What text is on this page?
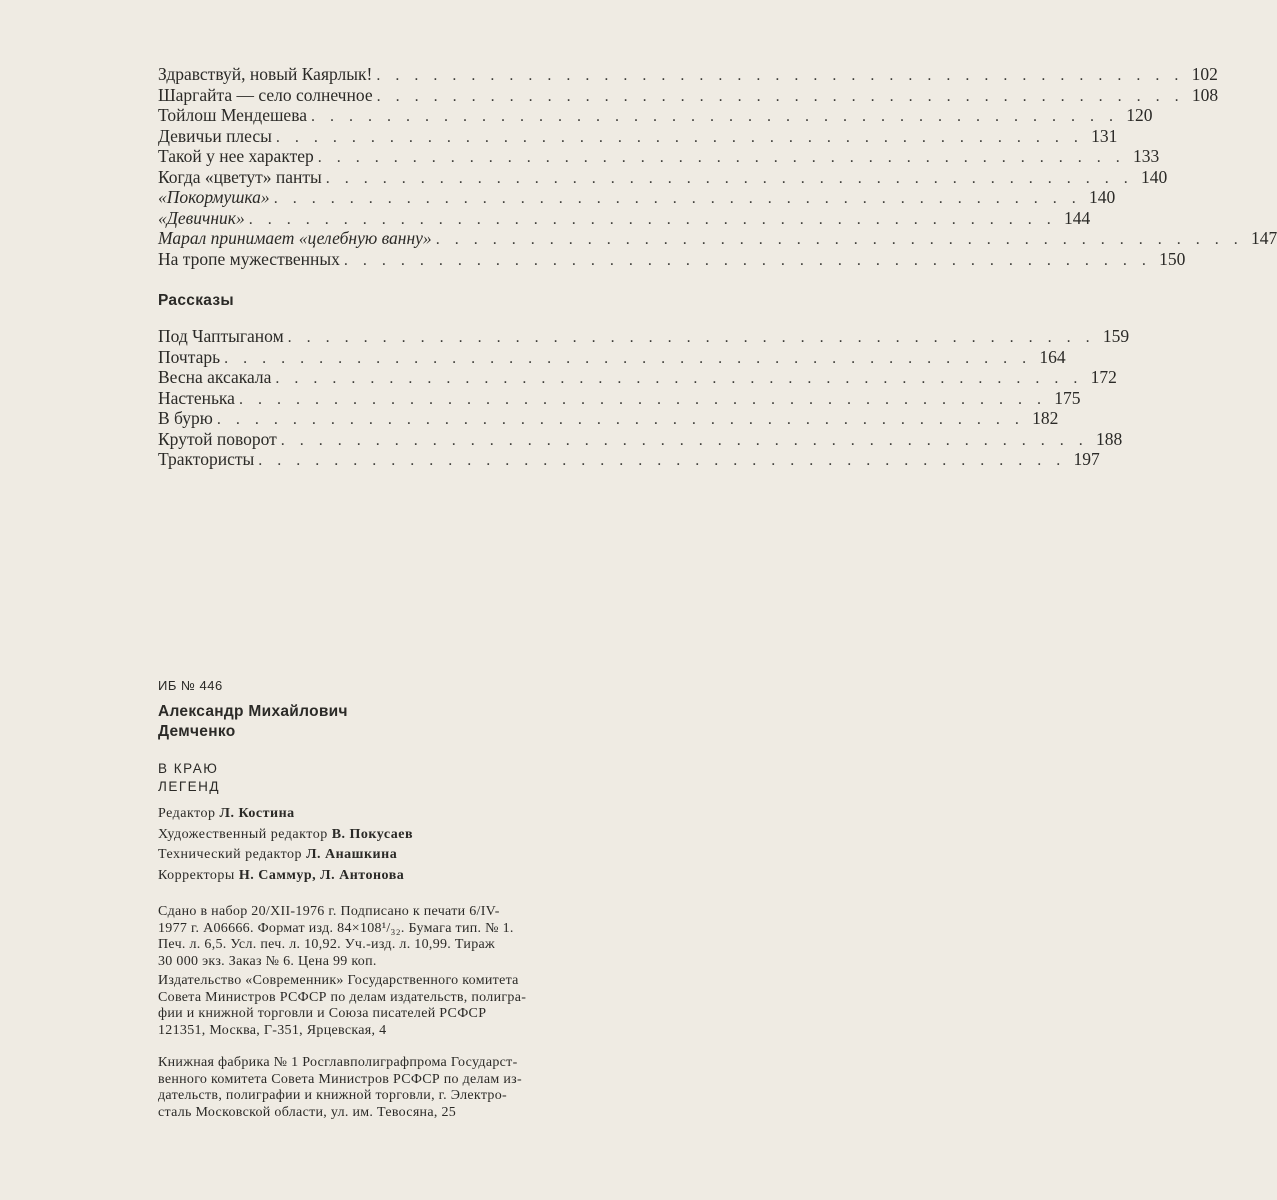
Здравствуй, новый Каярлык! . . . . . . . . . . . . . . . . . . . . . . . . . . . . . . . . . . . . . . . . . . . 102
Шаргайта — село солнечное . . . . . . . . . . . . . . . . . . . . . . . . . . . . . . . . . . . . . . . . . . . 108
Тойлош Мендешева . . . . . . . . . . . . . . . . . . . . . . . . . . . . . . . . . . . . . . . . . . . 120
Девичьи плесы . . . . . . . . . . . . . . . . . . . . . . . . . . . . . . . . . . . . . . . . . . . 131
Такой у нее характер . . . . . . . . . . . . . . . . . . . . . . . . . . . . . . . . . . . . . . . . . . . 133
Когда «цветут» панты . . . . . . . . . . . . . . . . . . . . . . . . . . . . . . . . . . . . . . . . . . . 140
«Покормушка» . . . . . . . . . . . . . . . . . . . . . . . . . . . . . . . . . . . . . . . . . . . 140
«Девичник» . . . . . . . . . . . . . . . . . . . . . . . . . . . . . . . . . . . . . . . . . . . 144
Марал принимает «целебную ванну» . . . . . . . . . . . . . . . . . . . . . . . . . . . . . . . . . . . . . . . . . . . 147
На тропе мужественных . . . . . . . . . . . . . . . . . . . . . . . . . . . . . . . . . . . . . . . . . . . 150
Рассказы
Под Чаптыганом . . . . . . . . . . . . . . . . . . . . . . . . . . . . . . . . . . . . . . . . . . . 159
Почтарь . . . . . . . . . . . . . . . . . . . . . . . . . . . . . . . . . . . . . . . . . . . 164
Весна аксакала . . . . . . . . . . . . . . . . . . . . . . . . . . . . . . . . . . . . . . . . . . . 172
Настенька . . . . . . . . . . . . . . . . . . . . . . . . . . . . . . . . . . . . . . . . . . . 175
В бурю . . . . . . . . . . . . . . . . . . . . . . . . . . . . . . . . . . . . . . . . . . . 182
Крутой поворот . . . . . . . . . . . . . . . . . . . . . . . . . . . . . . . . . . . . . . . . . . . 188
Трактористы . . . . . . . . . . . . . . . . . . . . . . . . . . . . . . . . . . . . . . . . . . . 197
ИБ № 446
Александр Михайлович
Демченко
В КРАЮ
ЛЕГЕНД
Редактор Л. Костина
Художественный редактор В. Покусаев
Технический редактор Л. Анашкина
Корректоры Н. Саммур, Л. Антонова
Сдано в набор 20/XII-1976 г. Подписано к печати 6/IV-
1977 г. А06666. Формат изд. 84×108¹/₃₂. Бумага тип. № 1.
Печ. л. 6,5. Усл. печ. л. 10,92. Уч.-изд. л. 10,99. Тираж
30 000 экз. Заказ № 6. Цена 99 коп.
Издательство «Современник» Государственного комитета
Совета Министров РСФСР по делам издательств, полигра-
фии и книжной торговли и Союза писателей РСФСР
121351, Москва, Г-351, Ярцевская, 4
Книжная фабрика № 1 Росглавполиграфпрома Государст-
венного комитета Совета Министров РСФСР по делам из-
дательств, полиграфии и книжной торговли, г. Электро-
сталь Московской области, ул. им. Тевосяна, 25
